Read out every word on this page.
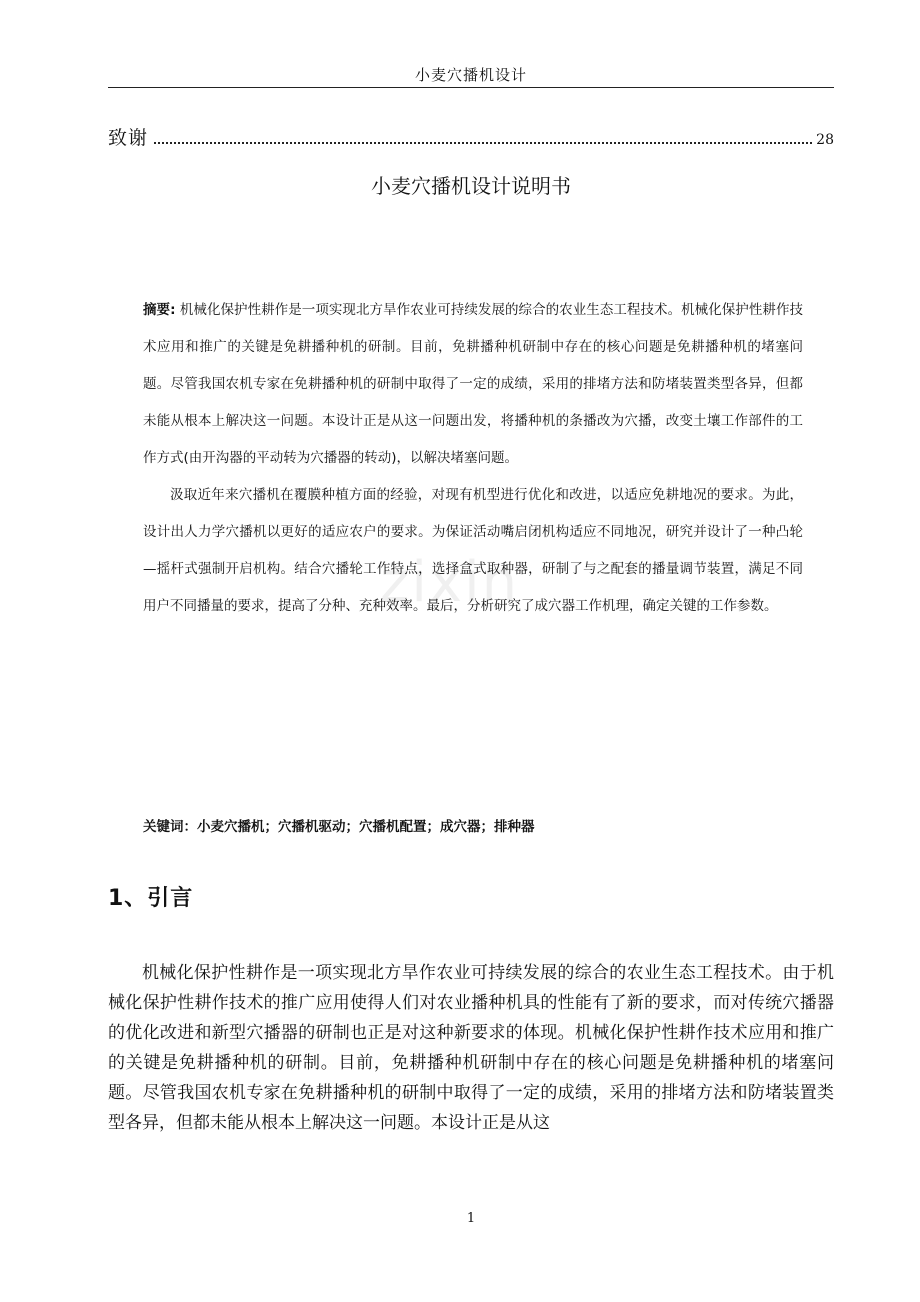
小麦穴播机设计
致谢	28
小麦穴播机设计说明书
zixin

摘要: 机械化保护性耕作是一项实现北方旱作农业可持续发展的综合的农业生态工程技术。机械化保护性耕作技术应用和推广的关键是免耕播种机的研制。目前，免耕播种机研制中存在的核心问题是免耕播种机的堵塞问题。尽管我国农机专家在免耕播种机的研制中取得了一定的成绩，采用的排堵方法和防堵装置类型各异，但都未能从根本上解决这一问题。本设计正是从这一问题出发，将播种机的条播改为穴播，改变土壤工作部件的工作方式(由开沟器的平动转为穴播器的转动)，以解决堵塞问题。

汲取近年来穴播机在覆膜种植方面的经验，对现有机型进行优化和改进，以适应免耕地况的要求。为此，设计出人力学穴播机以更好的适应农户的要求。为保证活动嘴启闭机构适应不同地况，研究并设计了一种凸轮—摇杆式强制开启机构。结合穴播轮工作特点，选择盒式取种器，研制了与之配套的播量调节装置，满足不同用户不同播量的要求，提高了分种、充种效率。最后，分析研究了成穴器工作机理，确定关键的工作参数。

关键词：小麦穴播机；穴播机驱动；穴播机配置；成穴器；排种器
1、引言

机械化保护性耕作是一项实现北方旱作农业可持续发展的综合的农业生态工程技术。由于机械化保护性耕作技术的推广应用使得人们对农业播种机具的性能有了新的要求，而对传统穴播器的优化改进和新型穴播器的研制也正是对这种新要求的体现。机械化保护性耕作技术应用和推广的关键是免耕播种机的研制。目前，免耕播种机研制中存在的核心问题是免耕播种机的堵塞问题。尽管我国农机专家在免耕播种机的研制中取得了一定的成绩，采用的排堵方法和防堵装置类型各异，但都未能从根本上解决这一问题。本设计正是从这

1
